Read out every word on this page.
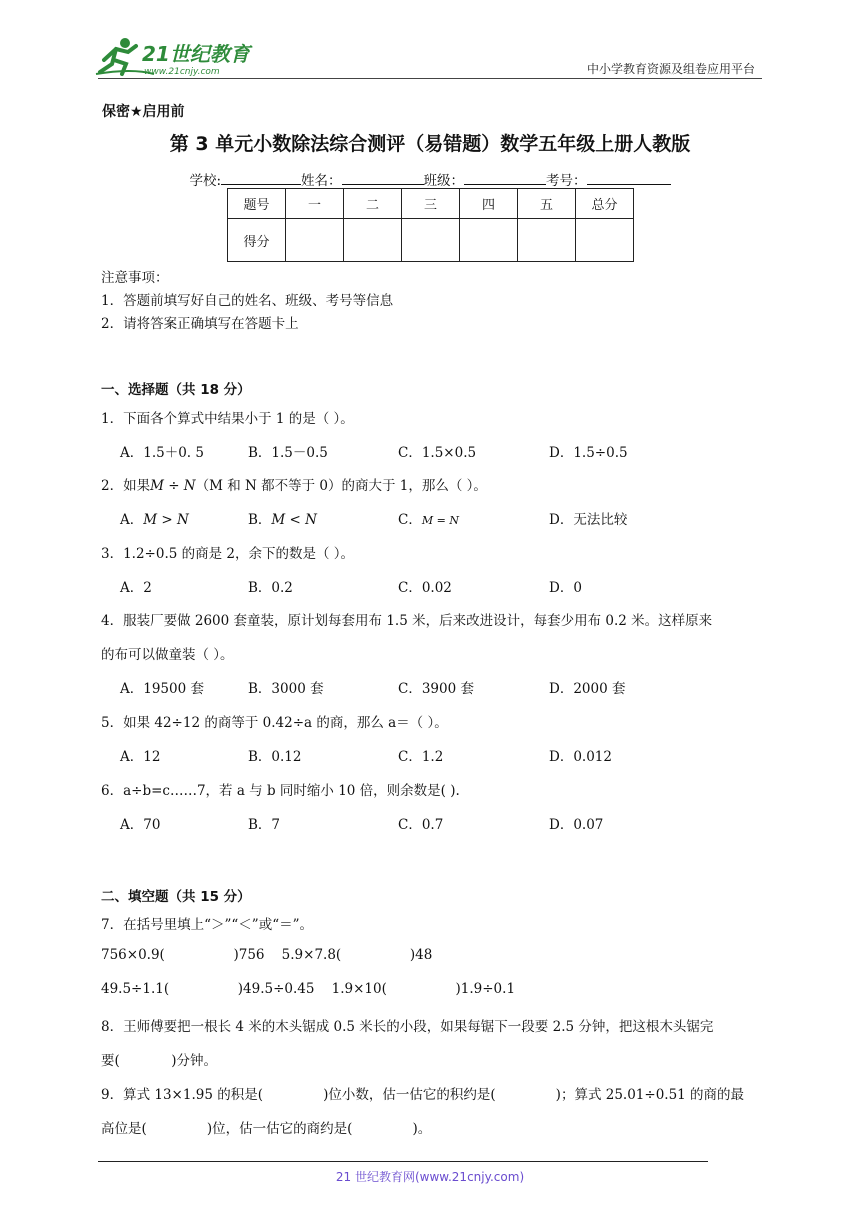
21世纪教育
www.21cnjy.com	中小学教育资源及组卷应用平台
保密★启用前
第 3 单元小数除法综合测评（易错题）数学五年级上册人教版
学校:	姓名：	班级：	考号：
题号	一	二	三	四	五	总分
得分						
注意事项：
1．答题前填写好自己的姓名、班级、考号等信息
2．请将答案正确填写在答题卡上
一、选择题（共 18 分）
1．下面各个算式中结果小于 1 的是（ ）。
A．1.5＋0. 5	B．1.5－0.5	C．1.5×0.5	D．1.5÷0.5
2．如果M ÷ N（M 和 N 都不等于 0）的商大于 1，那么（ ）。
A．M > N	B．M < N	C．M = N	D．无法比较
3．1.2÷0.5 的商是 2，余下的数是（ ）。
A．2	B．0.2	C．0.02	D．0
4．服装厂要做 2600 套童装，原计划每套用布 1.5 米，后来改进设计，每套少用布 0.2 米。这样原来
的布可以做童装（ ）。
A．19500 套	B．3000 套	C．3900 套	D．2000 套
5．如果 42÷12 的商等于 0.42÷a 的商，那么 a＝（ ）。
A．12	B．0.12	C．1.2	D．0.012
6．a÷b=c……7，若 a 与 b 同时缩小 10 倍，则余数是( ).
A．70	B．7	C．0.7	D．0.07
二、填空题（共 15 分）
7．在括号里填上“＞”“＜”或“＝”。
756×0.9(                )756    5.9×7.8(                )48
49.5÷1.1(                )49.5÷0.45    1.9×10(                )1.9÷0.1
8．王师傅要把一根长 4 米的木头锯成 0.5 米长的小段，如果每锯下一段要 2.5 分钟，把这根木头锯完
要(            )分钟。
9．算式 13×1.95 的积是(              )位小数，估一估它的积约是(              )；算式 25.01÷0.51 的商的最
高位是(              )位，估一估它的商约是(              )。
21 世纪教育网(www.21cnjy.com)
